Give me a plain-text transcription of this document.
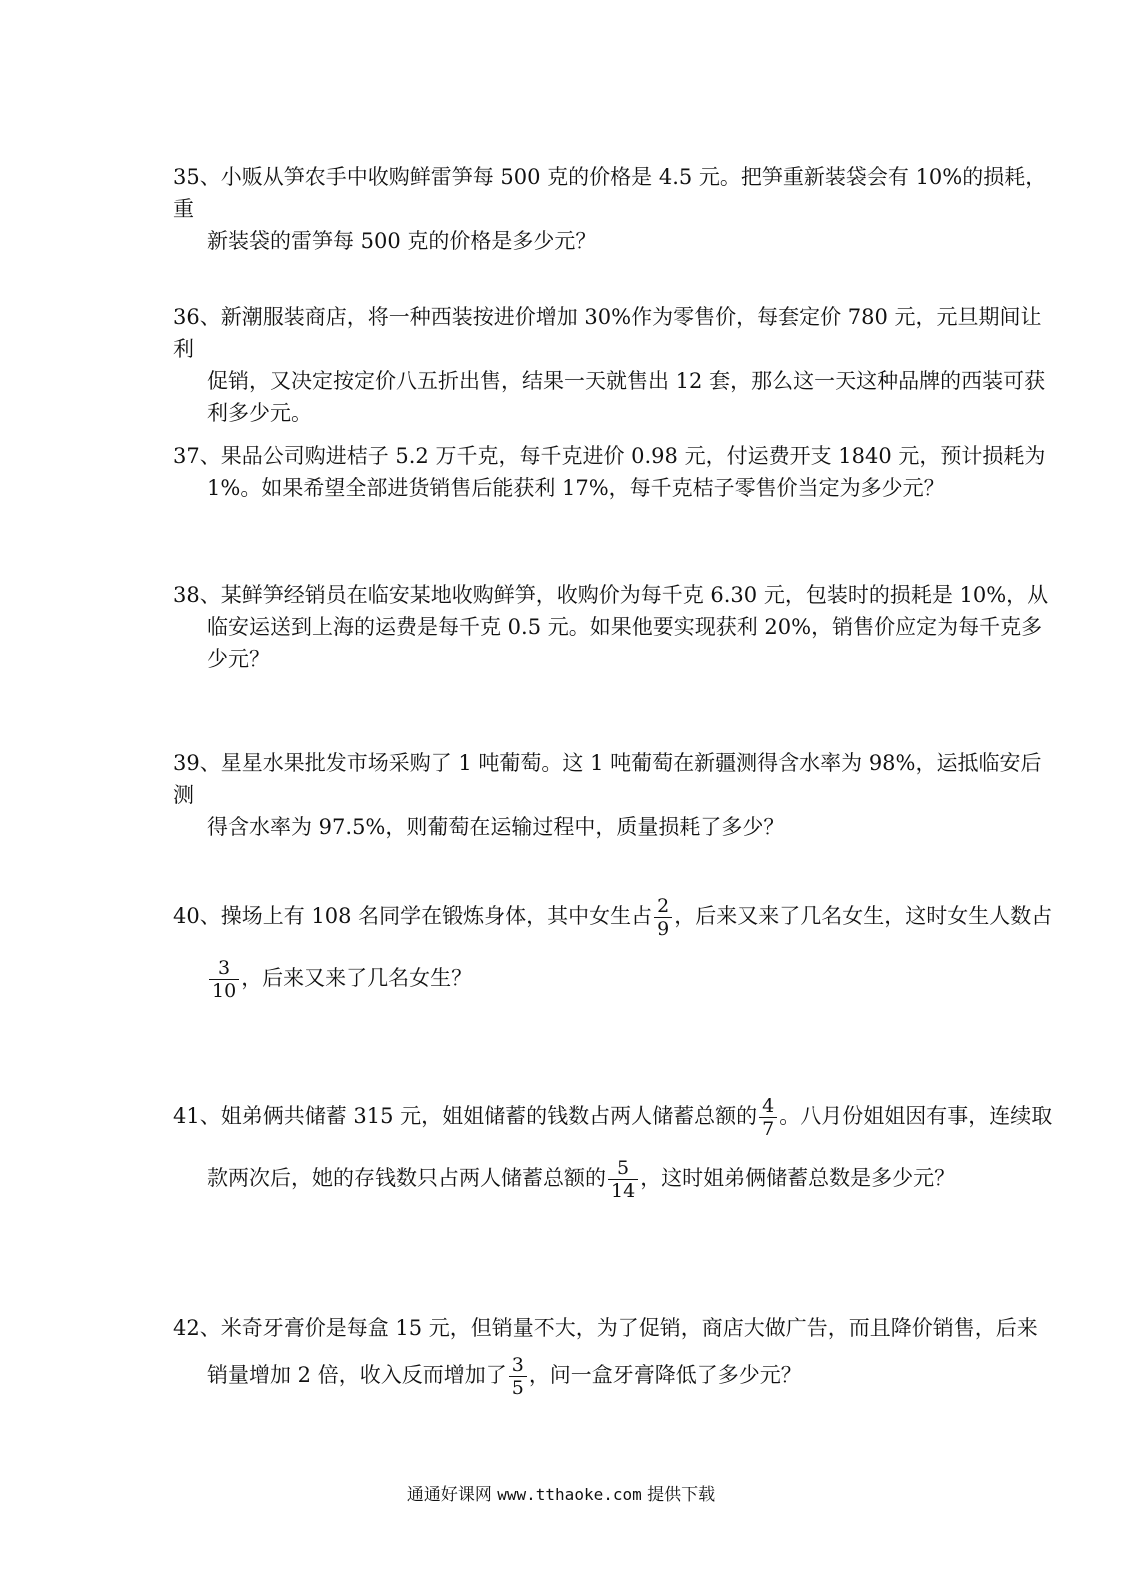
35、小贩从笋农手中收购鲜雷笋每 500 克的价格是 4.5 元。把笋重新装袋会有 10%的损耗，重

新装袋的雷笋每 500 克的价格是多少元？

36、新潮服装商店，将一种西装按进价增加 30%作为零售价，每套定价 780 元，元旦期间让利

促销，又决定按定价八五折出售，结果一天就售出 12 套，那么这一天这种品牌的西装可获

利多少元。

37、果品公司购进桔子 5.2 万千克，每千克进价 0.98 元，付运费开支 1840 元，预计损耗为

1%。如果希望全部进货销售后能获利 17%，每千克桔子零售价当定为多少元？

38、某鲜笋经销员在临安某地收购鲜笋，收购价为每千克 6.30 元，包装时的损耗是 10%，从

临安运送到上海的运费是每千克 0.5 元。如果他要实现获利 20%，销售价应定为每千克多

少元？

39、星星水果批发市场采购了 1 吨葡萄。这 1 吨葡萄在新疆测得含水率为 98%，运抵临安后测

得含水率为 97.5%，则葡萄在运输过程中，质量损耗了多少？

40、操场上有 108 名同学在锻炼身体，其中女生占 $\frac{2}{9}$ ，后来又来了几名女生，这时女生人数占

$\frac{3}{10}$ ，后来又来了几名女生？

41、姐弟俩共储蓄 315 元，姐姐储蓄的钱数占两人储蓄总额的 $\frac{4}{7}$ 。八月份姐姐因有事，连续取

款两次后，她的存钱数只占两人储蓄总额的 $\frac{5}{14}$ ，这时姐弟俩储蓄总数是多少元？

42、米奇牙膏价是每盒 15 元，但销量不大，为了促销，商店大做广告，而且降价销售，后来

销量增加 2 倍，收入反而增加了 $\frac{3}{5}$ ，问一盒牙膏降低了多少元？

通通好课网 www.tthaoke.com 提供下载
